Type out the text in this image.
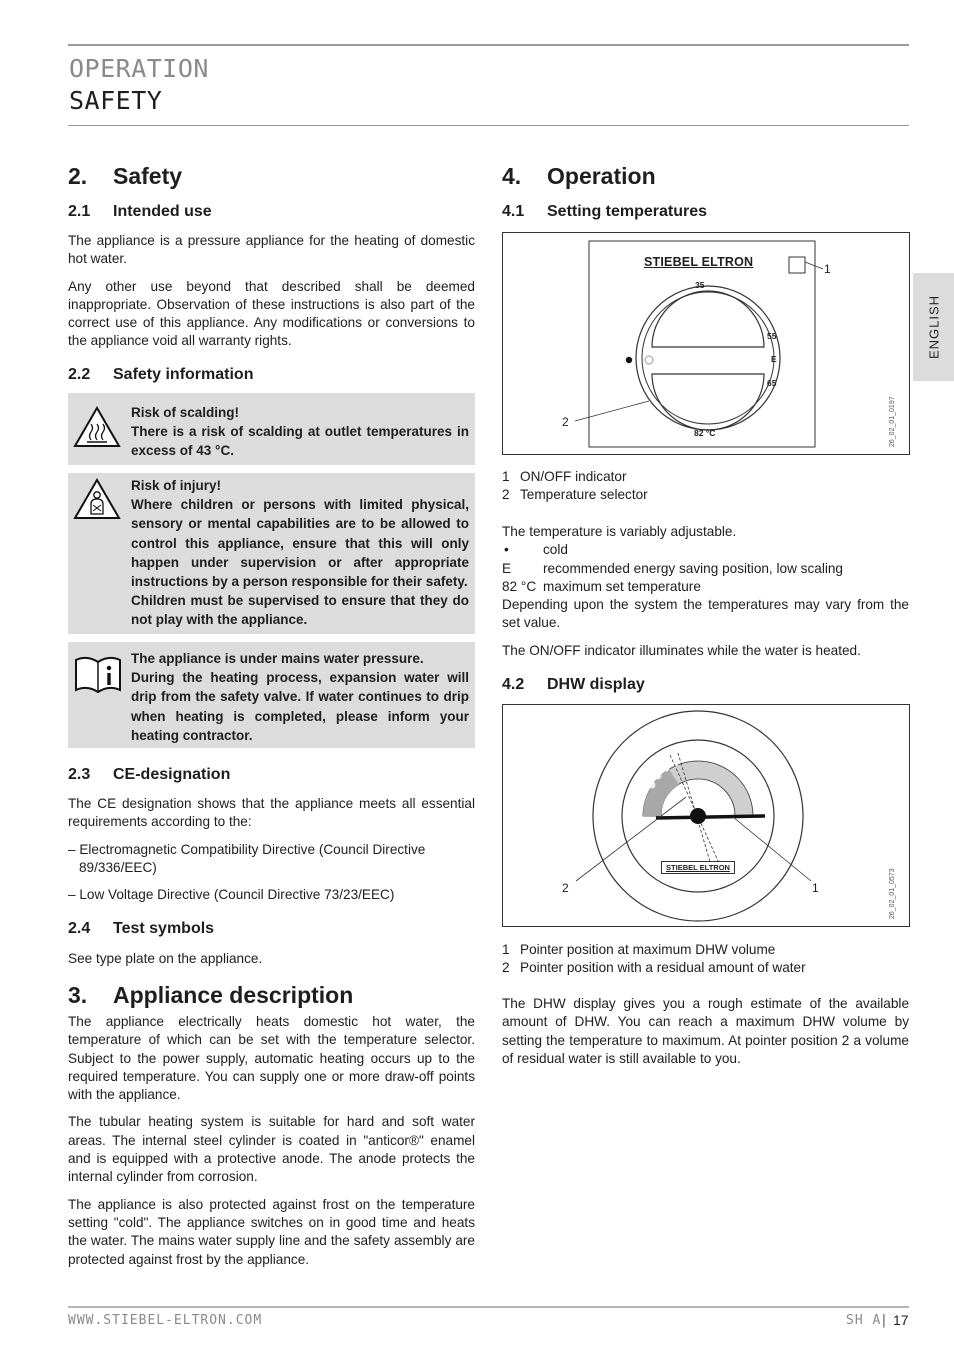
OPERATION
SAFETY
ENGLISH
2. Safety
2.1 Intended use

The appliance is a pressure appliance for the heating of domestic hot water.

Any other use beyond that described shall be deemed inappropriate. Observation of these instructions is also part of the correct use of this appliance. Any modifications or conversions to the appliance void all warranty rights.

2.2 Safety information
Risk of scalding!
There is a risk of scalding at outlet temperatures in excess of 43 °C.
Risk of injury!
Where children or persons with limited physical, sensory or mental capabilities are to be allowed to control this appliance, ensure that this will only happen under supervision or after appropriate instructions by a person responsible for their safety.
Children must be supervised to ensure that they do not play with the appliance.
The appliance is under mains water pressure.
During the heating process, expansion water will drip from the safety valve. If water continues to drip when heating is completed, please inform your heating contractor.
2.3 CE-designation

The CE designation shows that the appliance meets all essential requirements according to the:

– Electromagnetic Compatibility Directive (Council Directive
89/336/EEC)
– Low Voltage Directive (Council Directive 73/23/EEC)
2.4 Test symbols
See type plate on the appliance.
3. Appliance description

The appliance electrically heats domestic hot water, the temperature of which can be set with the temperature selector. Subject to the power supply, automatic heating occurs up to the required temperature. You can supply one or more draw-off points with the appliance.

The tubular heating system is suitable for hard and soft water areas. The internal steel cylinder is coated in "anticor®" enamel and is equipped with a protective anode. The anode protects the internal cylinder from corrosion.

The appliance is also protected against frost on the temperature setting "cold". The appliance switches on in good time and heats the water. The mains water supply line and the safety assembly are protected against frost by the appliance.

4. Operation
4.1 Setting temperatures
STIEBEL ELTRON
35
55
E
65
82 °C
1
2	26_02_01_0197
1 ON/OFF indicator
2 Temperature selector
The temperature is variably adjustable.
•	cold
E recommended energy saving position, low scaling
82 °C maximum set temperature

Depending upon the system the temperatures may vary from the set value.

The ON/OFF indicator illuminates while the water is heated.

4.2 DHW display
STIEBEL ELTRON
1
2	26_02_01_0573
1 Pointer position at maximum DHW volume
2 Pointer position with a residual amount of water
The DHW display gives you a rough estimate of the available amount of DHW. You can reach a maximum DHW volume by setting the temperature to maximum. At pointer position 2 a volume of residual water is still available to you.
WWW.STIEBEL-ELTRON.COM	SH A
| 17
